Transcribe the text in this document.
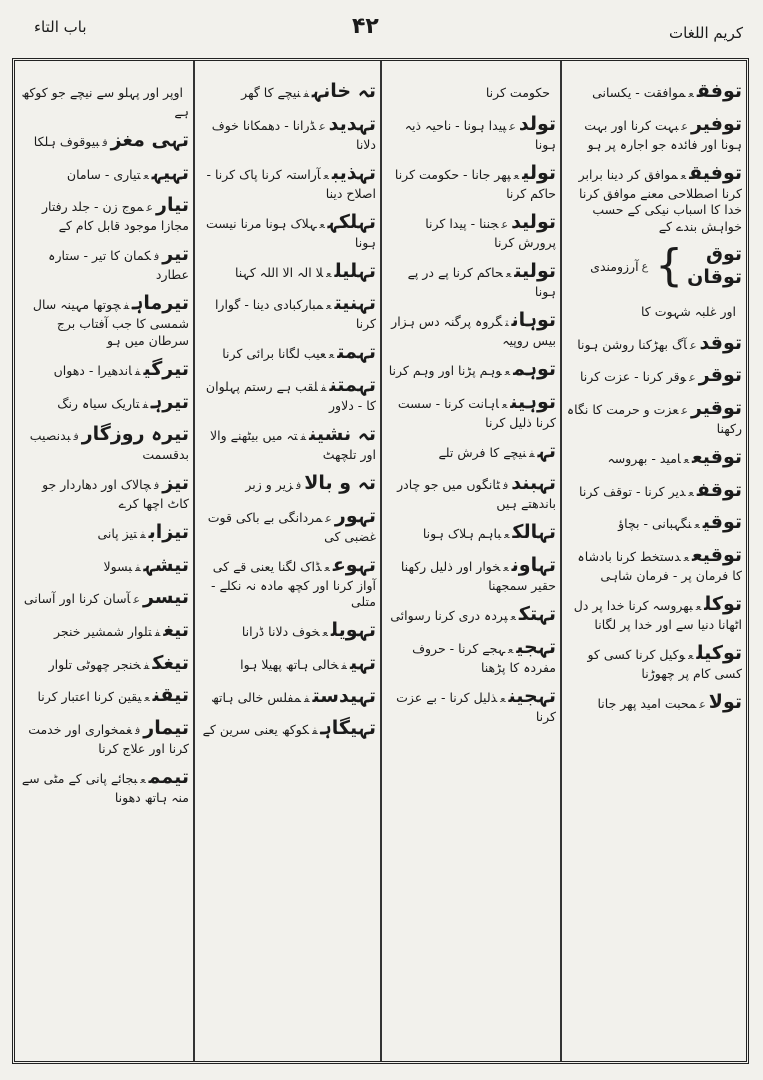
باب التاء	۴۲	کریم اللغات
توفقعموافقت - یکسانی
توفیرعبہت کرنا اور بہت ہونا اور فائدہ جو اجارہ پر ہو
توفیقعموافق کر دینا برابر کرنا اصطلاحی معنے موافق کرنا خدا کا اسباب نیکی کے حسب خواہش بندے کے
توق
توقان
}
ع
آرزومندی
اور غلبہ شہوت کا
توقدعآگ بھڑکنا روشن ہونا
توقرعوقر کرنا - عزت کرنا
توقیرععزت و حرمت کا نگاہ رکھنا
توقیععامید - بھروسہ
توقفعدیر کرنا - توقف کرنا
توقیعنگہبانی - بچاؤ
توقیععدستخط کرنا بادشاہ کا فرمان پر - فرمان شاہی
توکلعبھروسہ کرنا خدا پر دل اٹھانا دنیا سے اور خدا پر لگانا
توکیلعوکیل کرنا کسی کو کسی کام پر چھوڑنا
تولاعمحبت امید پھر جانا
حکومت کرنا
تولدعپیدا ہونا - ناحیہ ذیہ ہونا
تولیعپھر جانا - حکومت کرنا حاکم کرنا
تولیدعجننا - پیدا کرنا پرورش کرنا
تولیتعحاکم کرنا پے در پے ہونا
توہانتگروہ پرگنہ دس ہزار بیس روپیہ
توہمعوہم پڑنا اور وہم کرنا
توہینعاہانت کرنا - سست کرنا ذلیل کرنا
تہفنیچے کا فرش تلے
تہبندفٹانگوں میں جو چادر باندھتے ہیں
تہالکعباہم ہلاک ہونا
تہاونعخوار اور ذلیل رکھنا حقیر سمجھنا
تہتکعپردہ دری کرنا رسوائی
تہجیعہجے کرنا - حروف مفردہ کا پڑھنا
تہجینعذلیل کرنا - بے عزت کرنا
تہ خانہفنیچے کا گھر
تہدیدعڈرانا - دھمکانا خوف دلانا
تہذیبعآراستہ کرنا پاک کرنا - اصلاح دینا
تہلکہعہلاک ہونا مرنا نیست ہونا
تہلیلعلا الہ الا اللہ کہنا
تہنیتعمبارکبادی دینا - گوارا کرنا
تہمتععیب لگانا برائی کرنا
تہمتنفلقب ہے رستم پہلوان کا - دلاور
تہ نشینفتہ میں بیٹھنے والا اور تلچھٹ
تہ و بالافزیر و زبر
تہورعمردانگی بے باکی قوت غضبی کی
تہوععڈاک لگنا یعنی قے کی آواز کرنا اور کچھ مادہ نہ نکلے - متلی
تہویلعخوف دلانا ڈرانا
تہیفخالی ہاتھ پھیلا ہوا
تہیدستفمفلس خالی ہاتھ
تہیگاہفکوکھ یعنی سرین کے
اوپر اور پہلو سے نیچے جو کوکھ ہے
تہی مغزفبیوقوف ہلکا
تہیہعتیاری - سامان
تیارعموج زن - جلد رفتار مجازا موجود قابل کام کے
تیرفکمان کا تیر - ستارہ عطارد
تیرماہفچوتھا مہینہ سال شمسی کا جب آفتاب برج سرطان میں ہو
تیرگیفاندھیرا - دھواں
تیرہفتاریک سیاہ رنگ
تیرہ روزگارفبدنصیب بدقسمت
تیزفچالاک اور دھاردار جو کاٹ اچھا کرے
تیزابفتیز پانی
تیشہفبسولا
تیسرعآسان کرنا اور آسانی
تیغفتلوار شمشیر خنجر
تیغکفخنجر چھوٹی تلوار
تیقنعیقین کرنا اعتبار کرنا
تیمارفغمخواری اور خدمت کرنا اور علاج کرنا
تیممعبجائے پانی کے مٹی سے منہ ہاتھ دھونا
